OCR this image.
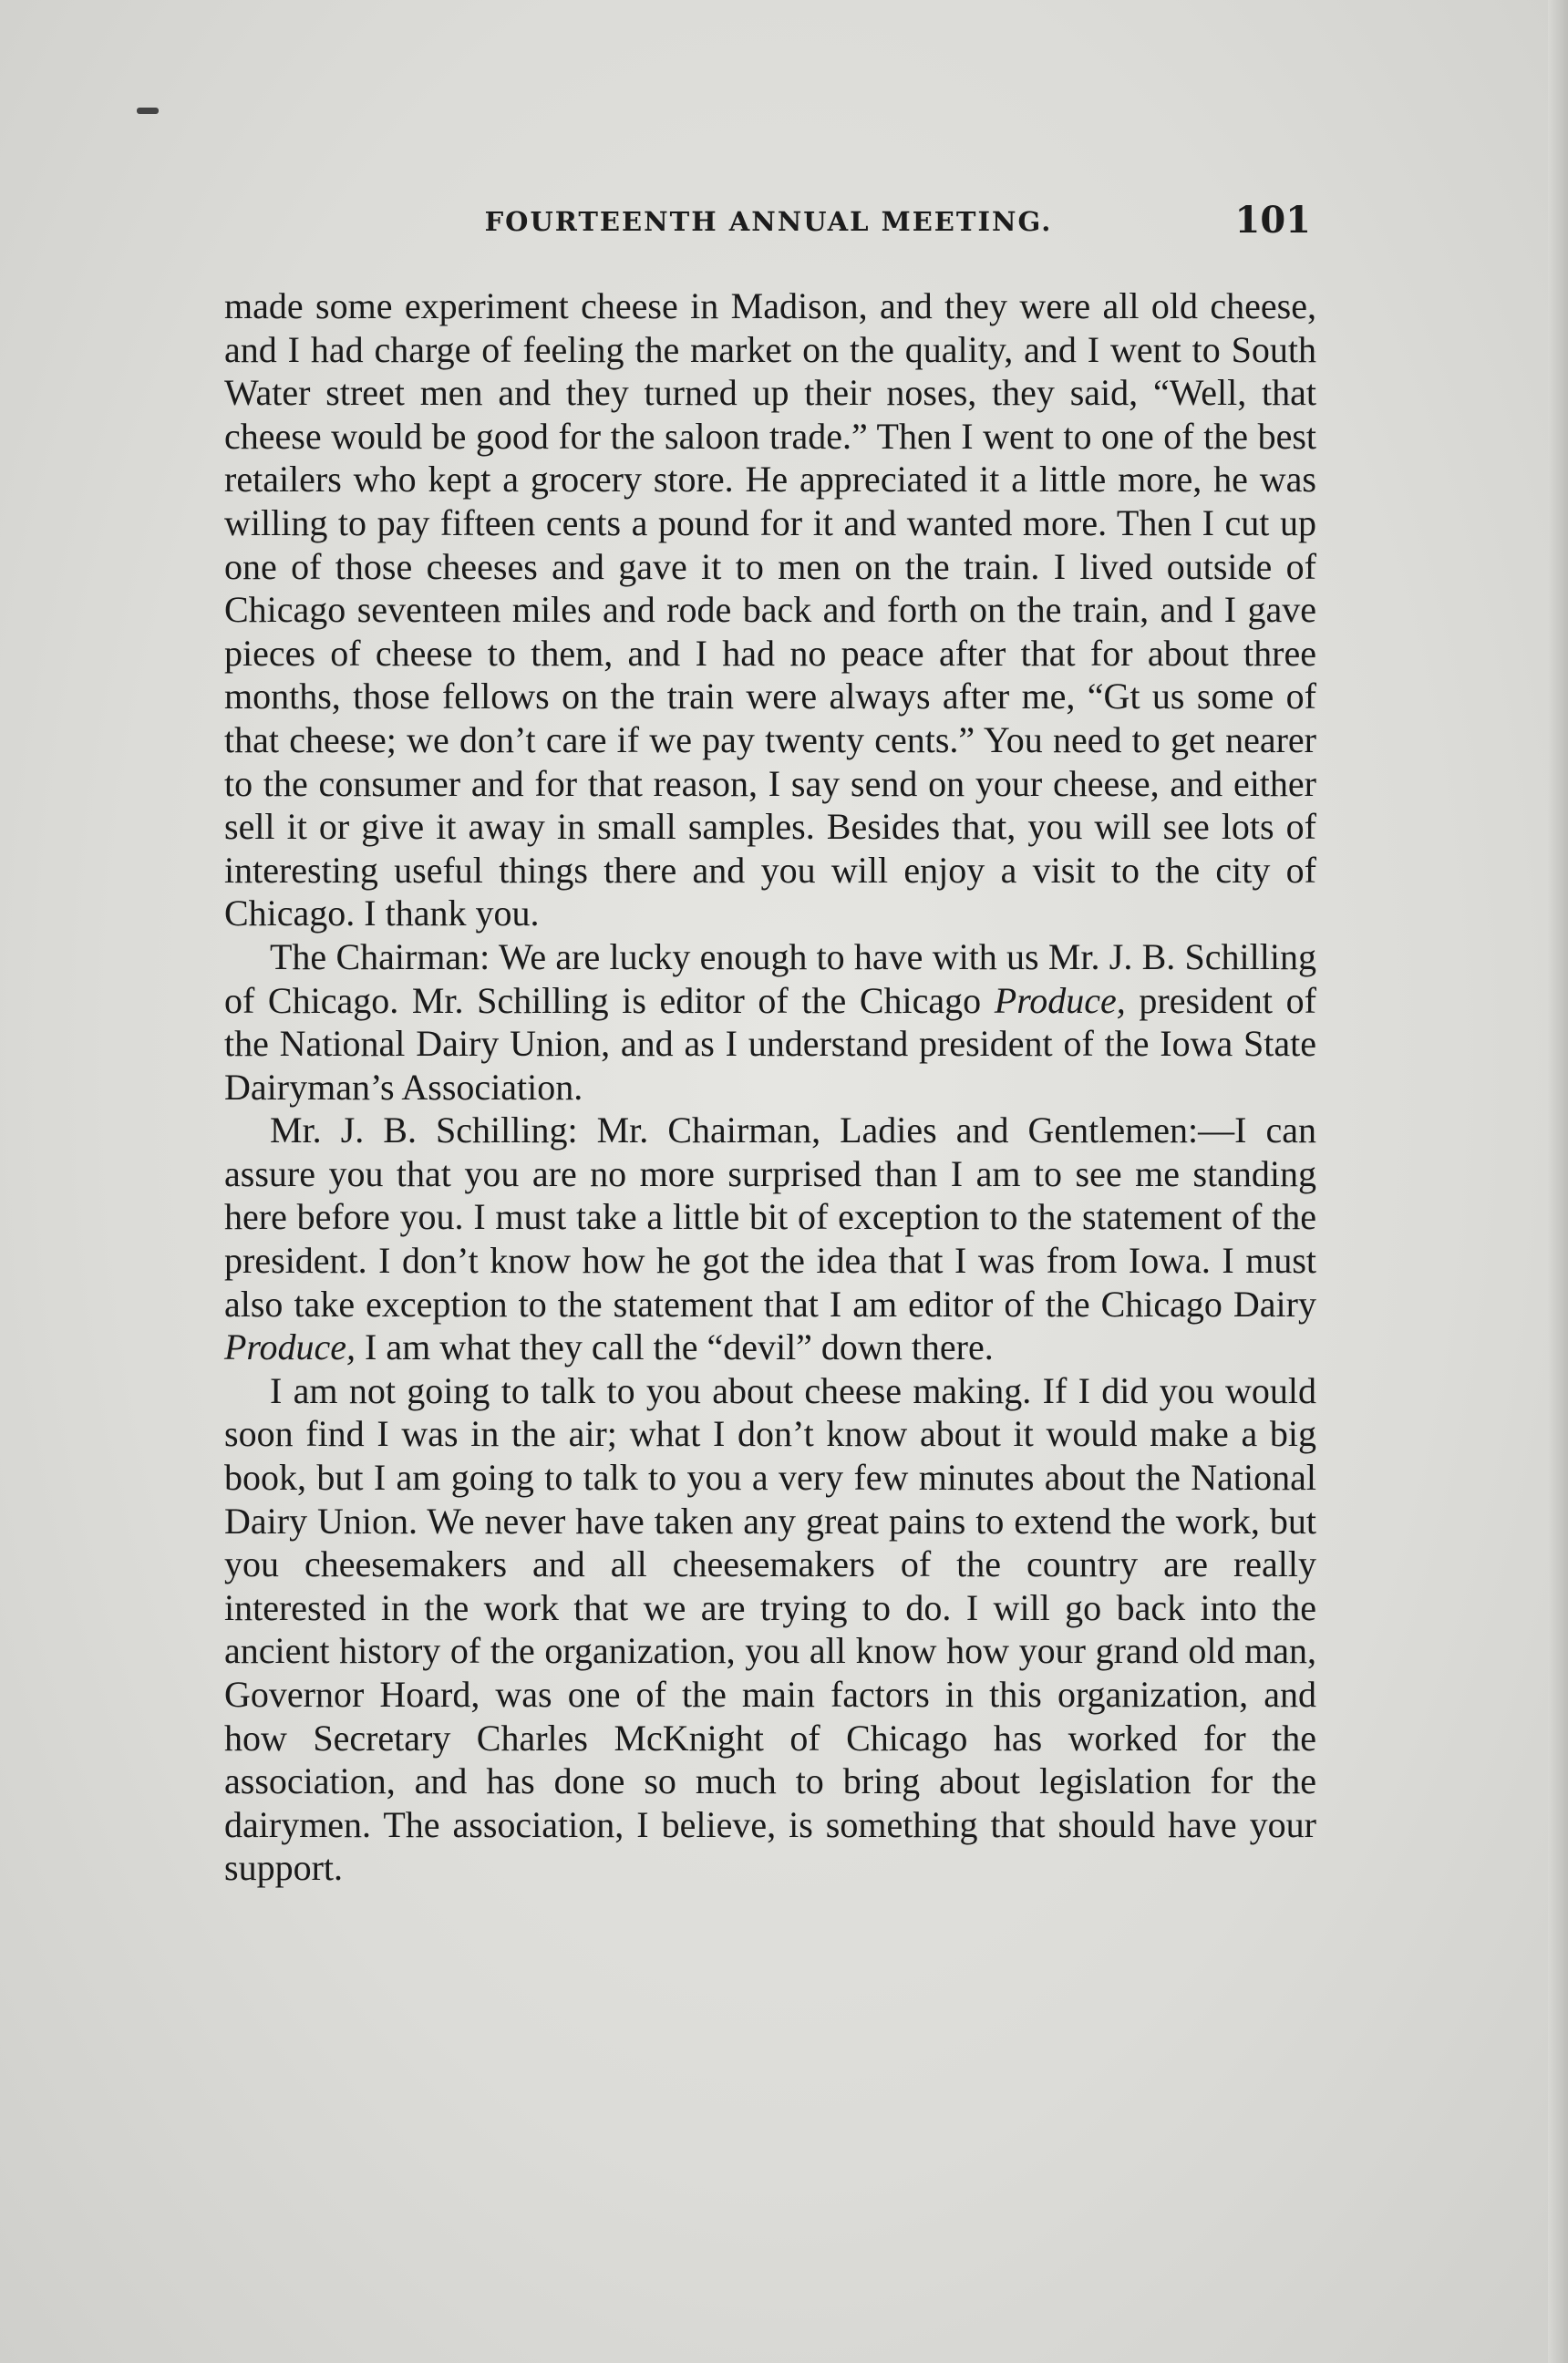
FOURTEENTH ANNUAL MEETING.	101

made some experiment cheese in Madison, and they were all old cheese, and I had charge of feeling the market on the quality, and I went to South Water street men and they turned up their noses, they said, “Well, that cheese would be good for the saloon trade.” Then I went to one of the best retailers who kept a grocery store. He appreciated it a little more, he was willing to pay fifteen cents a pound for it and wanted more. Then I cut up one of those cheeses and gave it to men on the train. I lived outside of Chicago seventeen miles and rode back and forth on the train, and I gave pieces of cheese to them, and I had no peace after that for about three months, those fellows on the train were always after me, “Gt us some of that cheese; we don’t care if we pay twenty cents.” You need to get nearer to the consumer and for that reason, I say send on your cheese, and either sell it or give it away in small samples. Besides that, you will see lots of interesting useful things there and you will enjoy a visit to the city of Chicago. I thank you.

The Chairman: We are lucky enough to have with us Mr. J. B. Schilling of Chicago. Mr. Schilling is editor of the Chicago Produce, president of the National Dairy Union, and as I understand president of the Iowa State Dairyman’s Association.

Mr. J. B. Schilling: Mr. Chairman, Ladies and Gentlemen:—I can assure you that you are no more surprised than I am to see me standing here before you. I must take a little bit of exception to the statement of the president. I don’t know how he got the idea that I was from Iowa. I must also take exception to the statement that I am editor of the Chicago Dairy Produce, I am what they call the “devil” down there.

I am not going to talk to you about cheese making. If I did you would soon find I was in the air; what I don’t know about it would make a big book, but I am going to talk to you a very few minutes about the National Dairy Union. We never have taken any great pains to extend the work, but you cheesemakers and all cheesemakers of the country are really interested in the work that we are trying to do. I will go back into the ancient history of the organization, you all know how your grand old man, Governor Hoard, was one of the main factors in this organization, and how Secretary Charles McKnight of Chicago has worked for the association, and has done so much to bring about legislation for the dairymen. The association, I believe, is something that should have your support.
